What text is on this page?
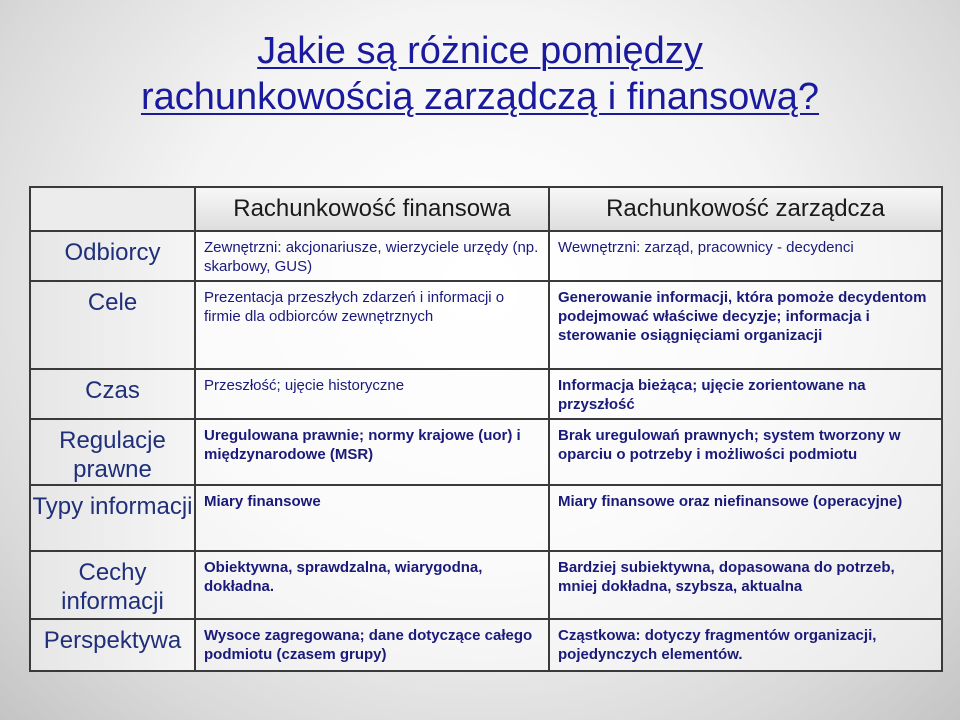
Jakie są różnice pomiędzy
rachunkowością zarządczą i finansową?
	Rachunkowość finansowa	Rachunkowość zarządcza
Odbiorcy	Zewnętrzni: akcjonariusze, wierzyciele urzędy (np. skarbowy, GUS)	Wewnętrzni: zarząd, pracownicy - decydenci
Cele	Prezentacja przeszłych zdarzeń i informacji o firmie dla odbiorców zewnętrznych	Generowanie informacji, która pomoże decydentom podejmować właściwe decyzje; informacja i sterowanie osiągnięciami organizacji
Czas	Przeszłość; ujęcie historyczne	Informacja bieżąca; ujęcie zorientowane na przyszłość
Regulacje prawne	Uregulowana prawnie; normy krajowe (uor) i międzynarodowe (MSR)	Brak uregulowań prawnych; system tworzony w oparciu o potrzeby i możliwości podmiotu
Typy informacji	Miary finansowe	Miary finansowe oraz niefinansowe (operacyjne)
Cechy informacji	Obiektywna, sprawdzalna, wiarygodna, dokładna.	Bardziej subiektywna, dopasowana do potrzeb, mniej dokładna, szybsza, aktualna
Perspektywa	Wysoce zagregowana; dane dotyczące całego podmiotu (czasem grupy)	Cząstkowa: dotyczy fragmentów organizacji, pojedynczych elementów.
